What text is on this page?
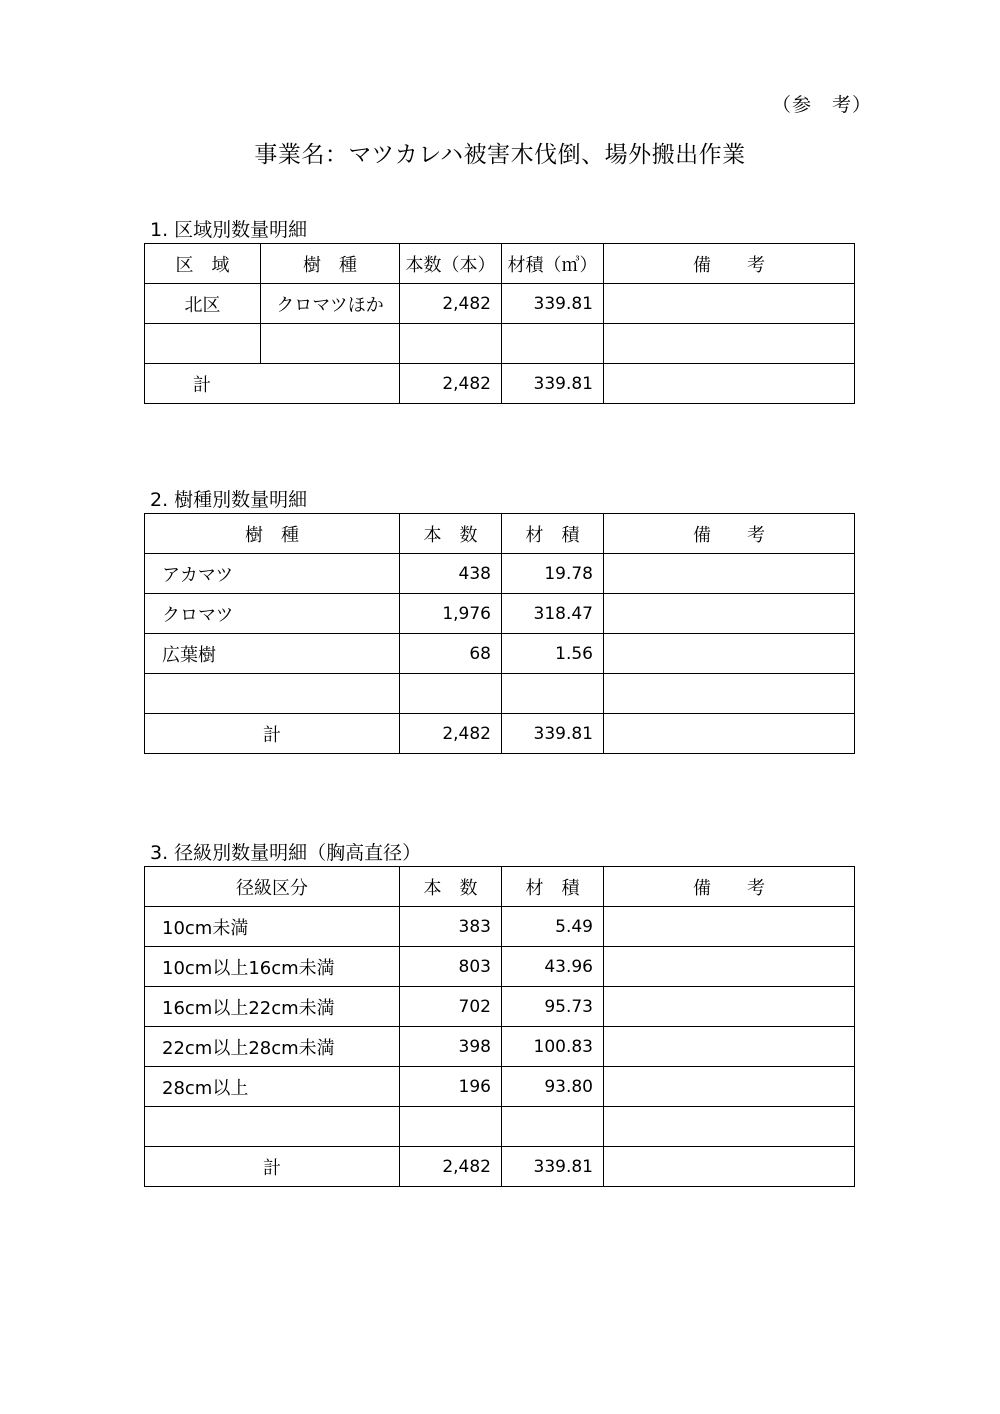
（参　考）
事業名：マツカレハ被害木伐倒、場外搬出作業
1. 区域別数量明細
区　域	樹　種	本数（本）	材積（㎥）	備　　考
北区	クロマツほか	2,482	339.81	

計		2,482	339.81	
2. 樹種別数量明細
樹　種	本　数	材　積	備　　考
アカマツ	438	19.78	
クロマツ	1,976	318.47	
広葉樹	68	1.56	

計	2,482	339.81	
3. 径級別数量明細（胸高直径）
径級区分	本　数	材　積	備　　考
10cm未満	383	5.49	
10cm以上16cm未満	803	43.96	
16cm以上22cm未満	702	95.73	
22cm以上28cm未満	398	100.83	
28cm以上	196	93.80	

計	2,482	339.81	
